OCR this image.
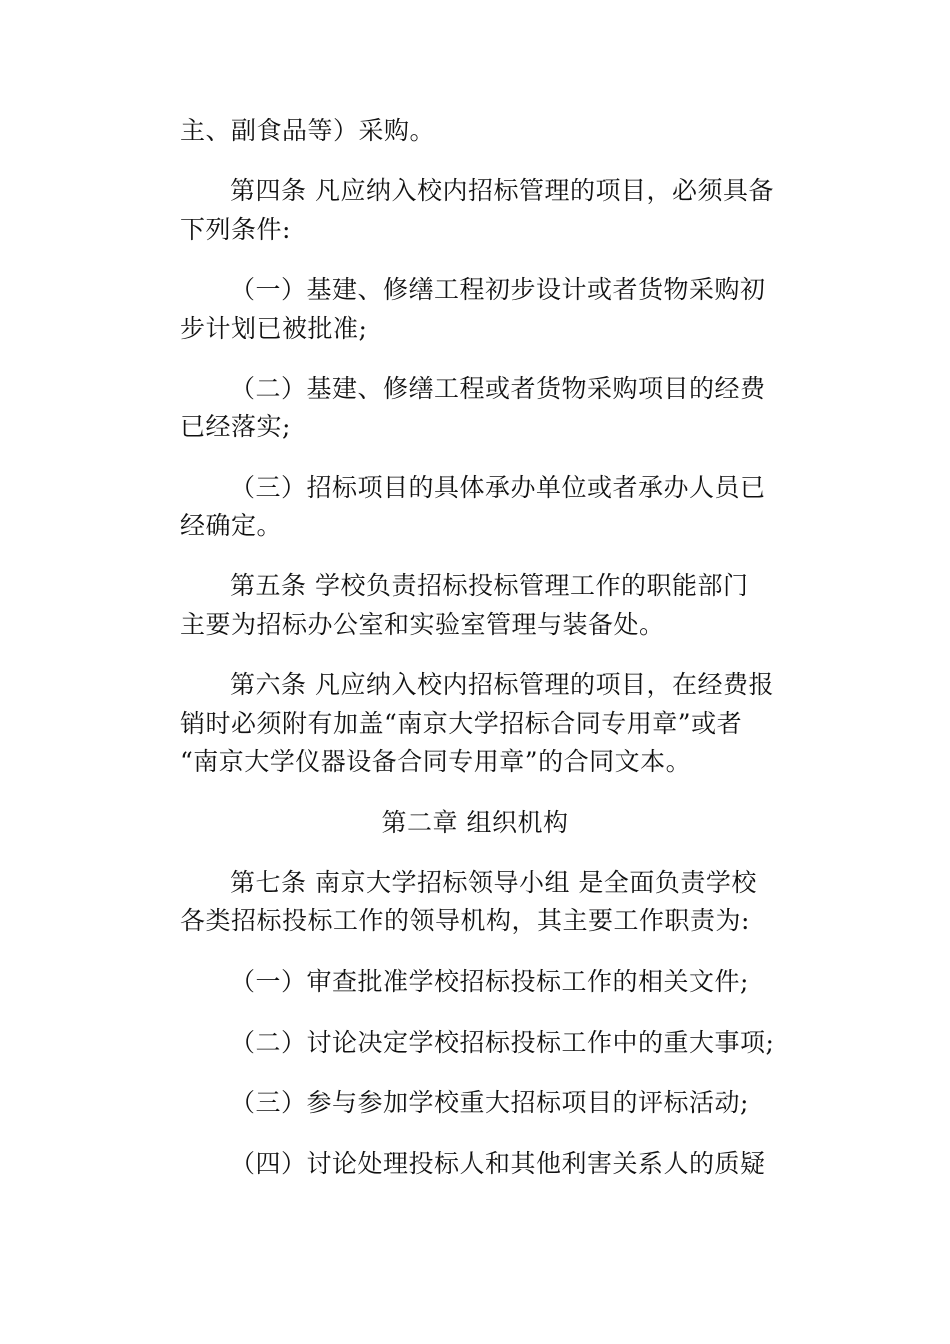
主、副食品等）采购。
第四条 凡应纳入校内招标管理的项目，必须具备
下列条件:
（一）基建、修缮工程初步设计或者货物采购初
步计划已被批准;
（二）基建、修缮工程或者货物采购项目的经费
已经落实;
（三）招标项目的具体承办单位或者承办人员已
经确定。
第五条 学校负责招标投标管理工作的职能部门
主要为招标办公室和实验室管理与装备处。
第六条 凡应纳入校内招标管理的项目，在经费报
销时必须附有加盖“南京大学招标合同专用章”或者
“南京大学仪器设备合同专用章”的合同文本。
第二章 组织机构
第七条 南京大学招标领导小组 是全面负责学校
各类招标投标工作的领导机构，其主要工作职责为:
（一）审查批准学校招标投标工作的相关文件;
（二）讨论决定学校招标投标工作中的重大事项;
（三）参与参加学校重大招标项目的评标活动;
（四）讨论处理投标人和其他利害关系人的质疑
